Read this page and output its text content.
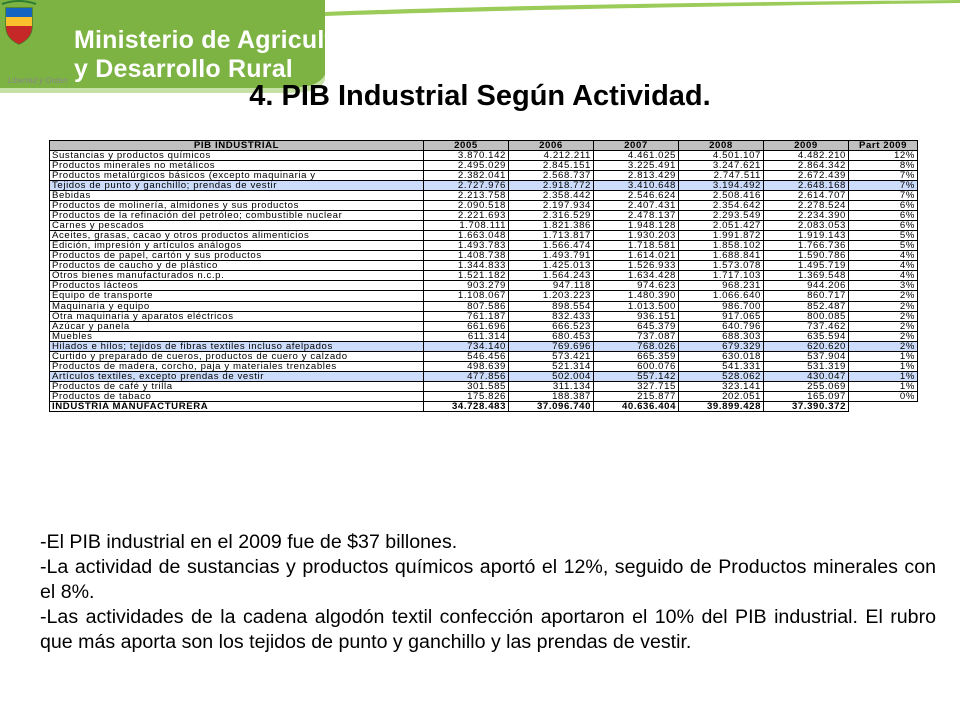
Libertad y Orden
Ministerio de Agricultura
y Desarrollo Rural
4. PIB Industrial Según Actividad.
PIB INDUSTRIAL	2005	2006	2007	2008	2009	Part 2009
Sustancias y productos químicos	3.870.142	4.212.211	4.461.025	4.501.107	4.482.210	12%
Productos minerales no metálicos	2.495.029	2.845.151	3.225.491	3.247.621	2.864.342	8%
Productos metalúrgicos básicos (excepto maquinaria y	2.382.041	2.568.737	2.813.429	2.747.511	2.672.439	7%
Tejidos de punto y ganchillo; prendas de vestir	2.727.976	2.918.772	3.410.648	3.194.492	2.648.168	7%
Bebidas	2.213.758	2.358.442	2.546.624	2.508.416	2.614.707	7%
Productos de molinería, almidones y sus productos	2.090.518	2.197.934	2.407.431	2.354.642	2.278.524	6%
Productos de la refinación del petróleo; combustible nuclear	2.221.693	2.316.529	2.478.137	2.293.549	2.234.390	6%
Carnes y pescados	1.708.111	1.821.386	1.948.128	2.051.427	2.083.053	6%
Aceites, grasas, cacao y otros productos alimenticios	1.663.048	1.713.817	1.930.203	1.991.872	1.919.143	5%
Edición, impresión y artículos análogos	1.493.783	1.566.474	1.718.581	1.858.102	1.766.736	5%
Productos de papel, cartón y sus productos	1.408.738	1.493.791	1.614.021	1.688.841	1.590.786	4%
Productos de caucho y de plástico	1.344.833	1.425.013	1.526.933	1.573.078	1.495.719	4%
Otros bienes manufacturados n.c.p.	1.521.182	1.564.243	1.634.428	1.717.103	1.369.548	4%
Productos lácteos	903.279	947.118	974.623	968.231	944.206	3%
Equipo de transporte	1.108.067	1.203.223	1.480.390	1.066.640	860.717	2%
Maquinaria y equipo	807.586	898.554	1.013.500	986.700	852.487	2%
Otra maquinaria y aparatos eléctricos	761.187	832.433	936.151	917.065	800.085	2%
Azúcar y panela	661.696	666.523	645.379	640.796	737.462	2%
Muebles	611.314	680.453	737.087	688.303	635.594	2%
Hilados e hilos; tejidos de fibras textiles incluso afelpados	734.140	769.696	768.026	679.329	620.620	2%
Curtido y preparado de cueros, productos de cuero y calzado	546.456	573.421	665.359	630.018	537.904	1%
Productos de madera, corcho, paja y materiales trenzables	498.639	521.314	600.076	541.331	531.319	1%
Artículos textiles, excepto prendas de vestir	477.856	502.004	557.142	528.062	430.047	1%
Productos de café y trilla	301.585	311.134	327.715	323.141	255.069	1%
Productos de tabaco	175.826	188.387	215.877	202.051	165.097	0%
INDUSTRIA MANUFACTURERA	34.728.483	37.096.740	40.636.404	39.899.428	37.390.372	

-El PIB industrial en el 2009 fue de $37 billones.

-La actividad de sustancias y productos químicos aportó el 12%, seguido de Productos minerales con el 8%.

-Las actividades de la cadena algodón textil confección aportaron el 10% del PIB industrial. El rubro que más aporta son los tejidos de punto y ganchillo y las prendas de vestir.
